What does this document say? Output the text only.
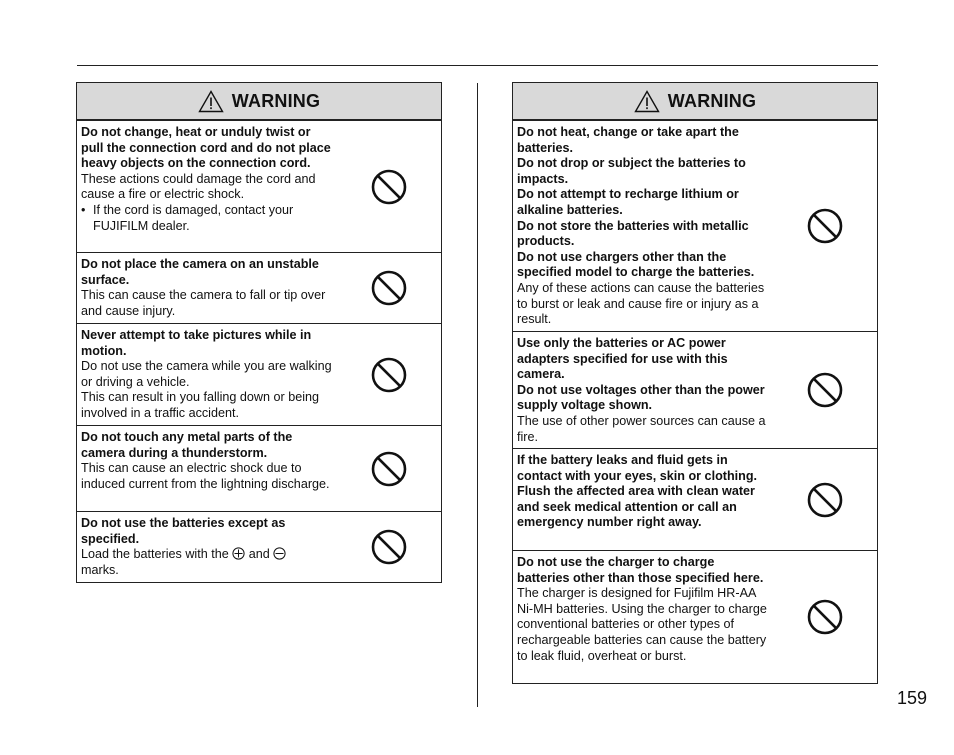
WARNING
Do not change, heat or unduly twist or pull the connection cord and do not place heavy objects on the connection cord.
These actions could damage the cord and cause a fire or electric shock.
• If the cord is damaged, contact your FUJIFILM dealer.
Do not place the camera on an unstable surface.
This can cause the camera to fall or tip over and cause injury.
Never attempt to take pictures while in motion.
Do not use the camera while you are walking or driving a vehicle.
This can result in you falling down or being involved in a traffic accident.
Do not touch any metal parts of the camera during a thunderstorm.
This can cause an electric shock due to induced current from the lightning discharge.
Do not use the batteries except as specified.
Load the batteries with the and
marks.
WARNING
Do not heat, change or take apart the batteries.
Do not drop or subject the batteries to impacts.
Do not attempt to recharge lithium or alkaline batteries.
Do not store the batteries with metallic products.
Do not use chargers other than the specified model to charge the batteries.
Any of these actions can cause the batteries to burst or leak and cause fire or injury as a result.
Use only the batteries or AC power adapters specified for use with this camera.
Do not use voltages other than the power supply voltage shown.
The use of other power sources can cause a fire.
If the battery leaks and fluid gets in contact with your eyes, skin or clothing. Flush the affected area with clean water and seek medical attention or call an emergency number right away.
Do not use the charger to charge batteries other than those specified here.
The charger is designed for Fujifilm HR-AA Ni-MH batteries. Using the charger to charge conventional batteries or other types of rechargeable batteries can cause the battery to leak fluid, overheat or burst.
159
